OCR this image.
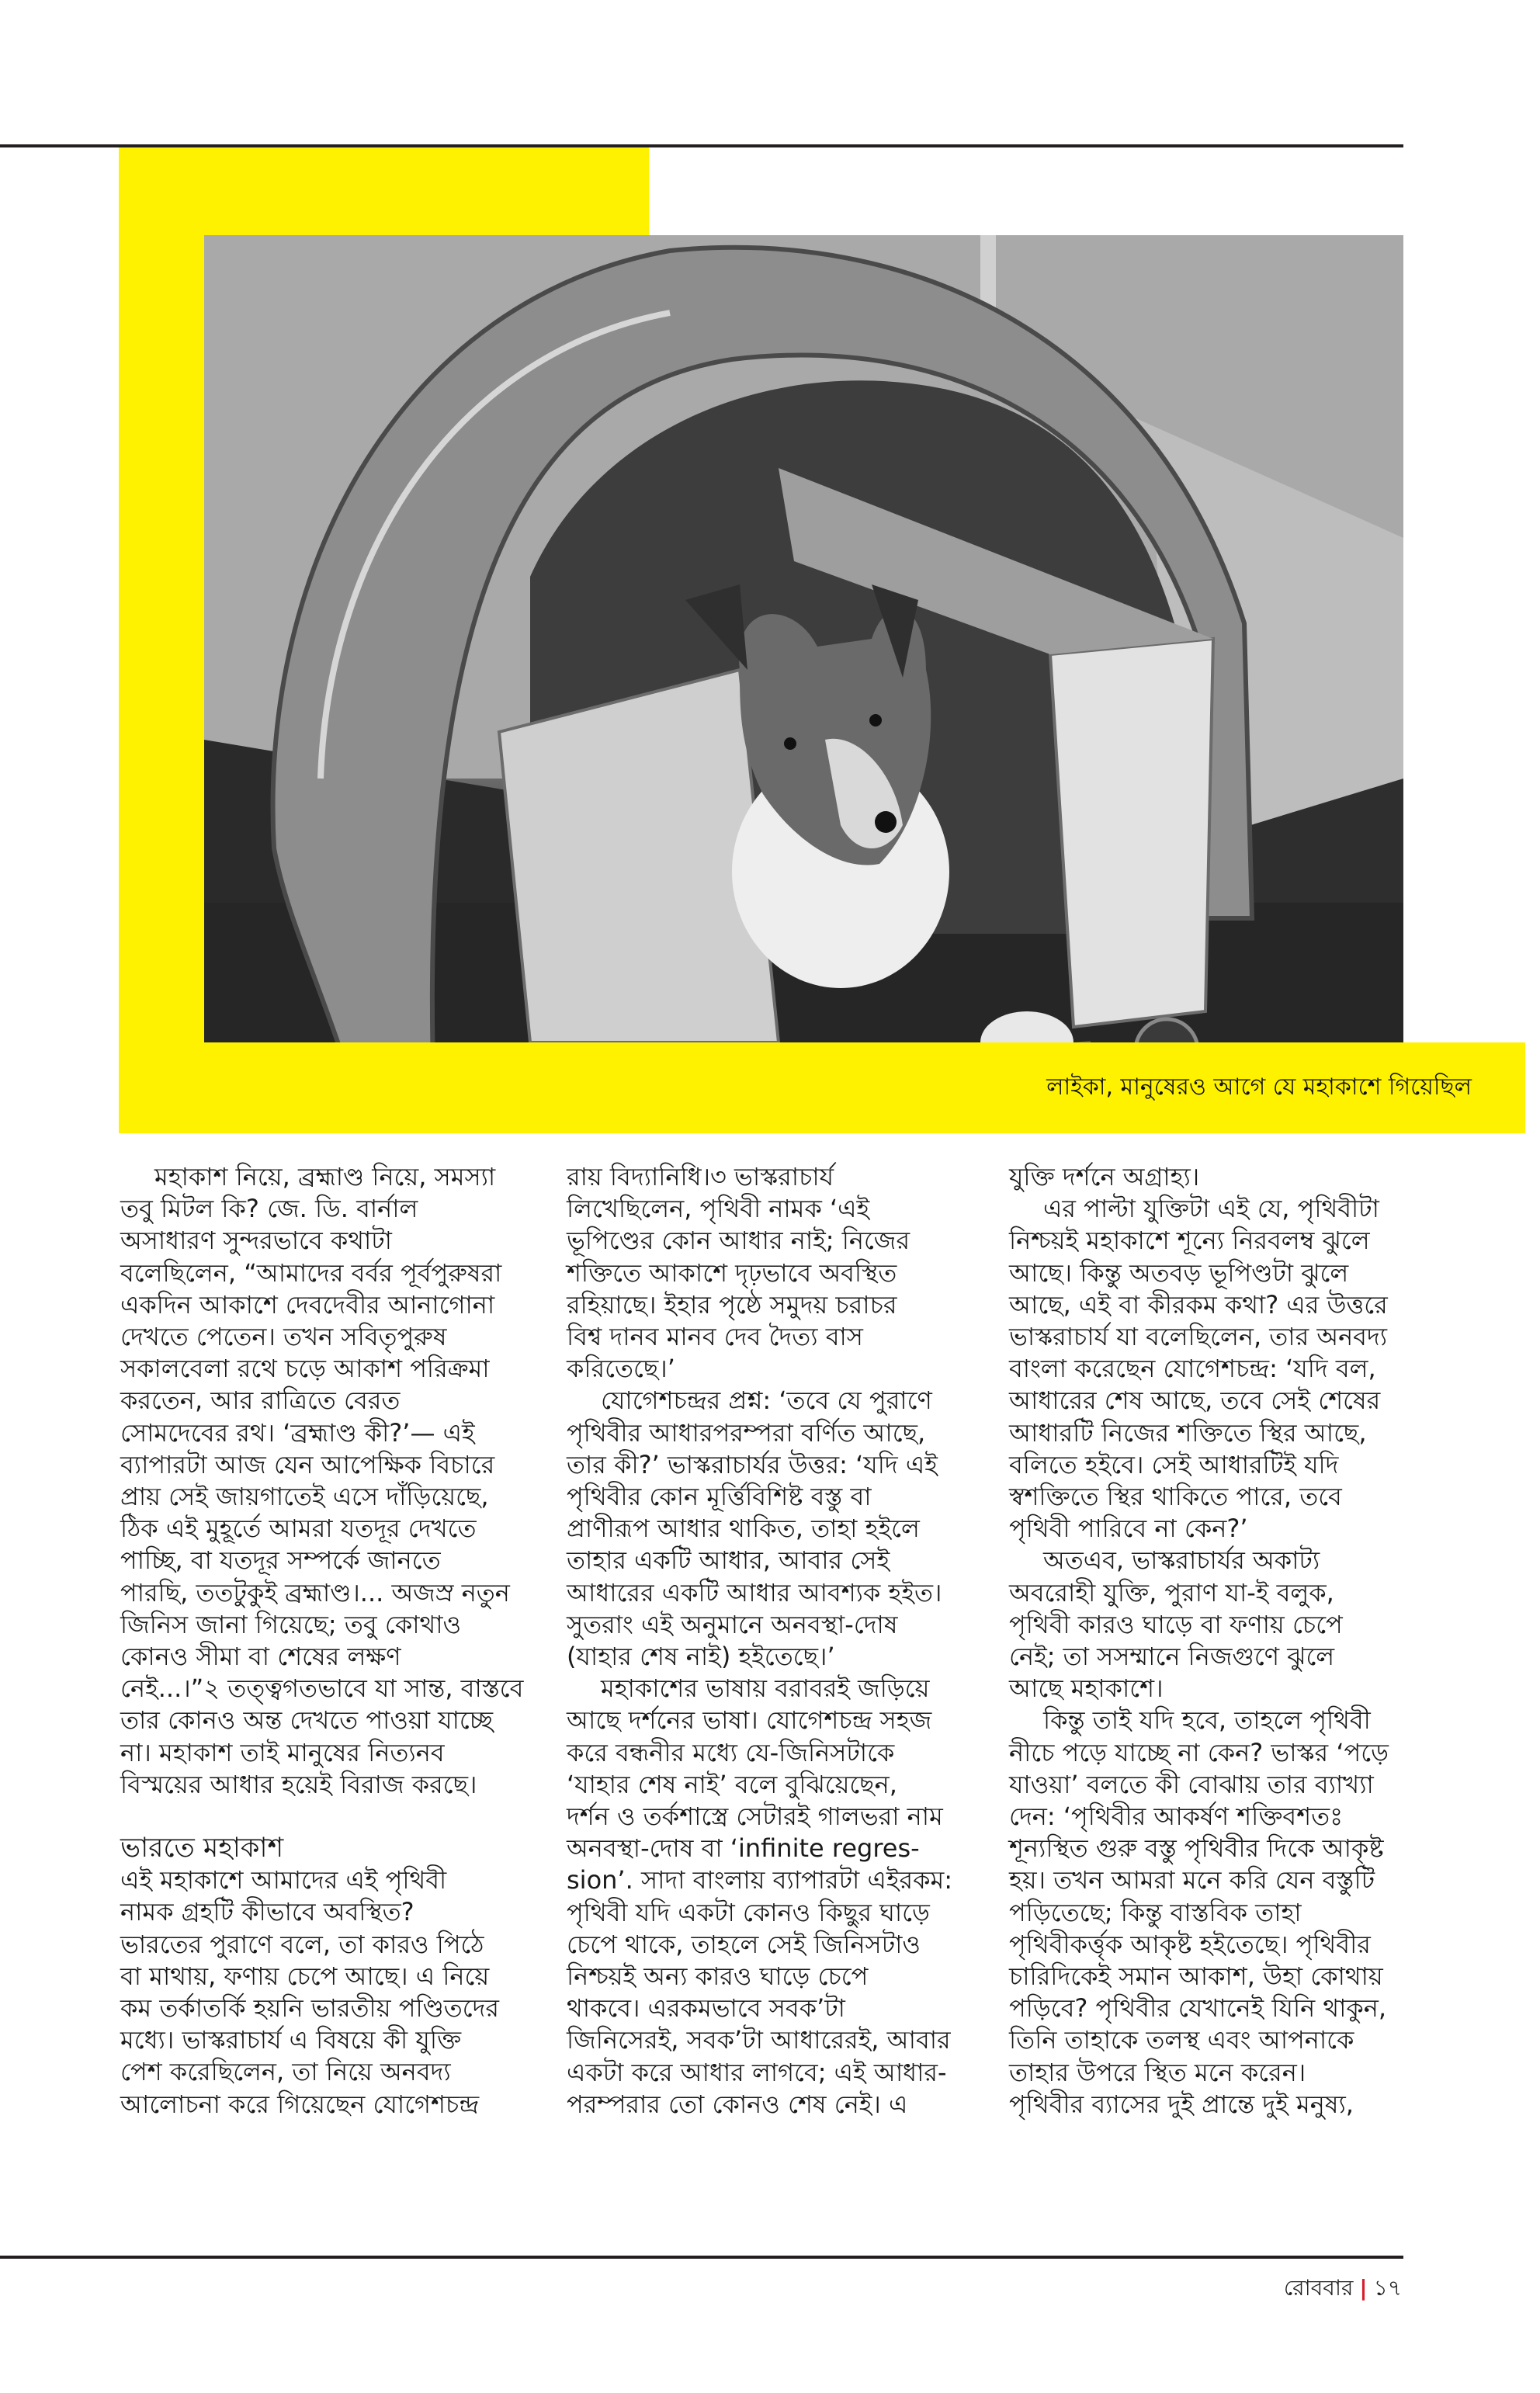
লাইকা, মানুষেরও আগে যে মহাকাশে গিয়েছিল

মহাকাশ নিয়ে, ব্রহ্মাণ্ড নিয়ে, সমস্যা
তবু মিটল কি? জে. ডি. বার্নাল
অসাধারণ সুন্দরভাবে কথাটা
বলেছিলেন, “আমাদের বর্বর পূর্বপুরুষরা
একদিন আকাশে দেবদেবীর আনাগোনা
দেখতে পেতেন। তখন সবিতৃপুরুষ
সকালবেলা রথে চড়ে আকাশ পরিক্রমা
করতেন, আর রাত্রিতে বেরত
সোমদেবের রথ। ‘ব্রহ্মাণ্ড কী?’— এই
ব্যাপারটা আজ যেন আপেক্ষিক বিচারে
প্রায় সেই জায়গাতেই এসে দাঁড়িয়েছে,
ঠিক এই মুহূর্তে আমরা যতদূর দেখতে
পাচ্ছি, বা যতদূর সম্পর্কে জানতে
পারছি, ততটুকুই ব্রহ্মাণ্ড।... অজস্র নতুন
জিনিস জানা গিয়েছে; তবু কোথাও
কোনও সীমা বা শেষের লক্ষণ
নেই...।”২ তত্ত্বগতভাবে যা সান্ত, বাস্তবে
তার কোনও অন্ত দেখতে পাওয়া যাচ্ছে
না। মহাকাশ তাই মানুষের নিত্যনব
বিস্ময়ের আধার হয়েই বিরাজ করছে।

ভারতে মহাকাশ

এই মহাকাশে আমাদের এই পৃথিবী
নামক গ্রহটি কীভাবে অবস্থিত?
ভারতের পুরাণে বলে, তা কারও পিঠে
বা মাথায়, ফণায় চেপে আছে। এ নিয়ে
কম তর্কাতর্কি হয়নি ভারতীয় পণ্ডিতদের
মধ্যে। ভাস্করাচার্য এ বিষয়ে কী যুক্তি
পেশ করেছিলেন, তা নিয়ে অনবদ্য
আলোচনা করে গিয়েছেন যোগেশচন্দ্র

রায় বিদ্যানিধি।৩ ভাস্করাচার্য
লিখেছিলেন, পৃথিবী নামক ‘এই
ভূপিণ্ডের কোন আধার নাই; নিজের
শক্তিতে আকাশে দৃঢ়ভাবে অবস্থিত
রহিয়াছে। ইহার পৃষ্ঠে সমুদয় চরাচর
বিশ্ব দানব মানব দেব দৈত্য বাস
করিতেছে।’

যোগেশচন্দ্রর প্রশ্ন: ‘তবে যে পুরাণে
পৃথিবীর আধারপরম্পরা বর্ণিত আছে,
তার কী?’ ভাস্করাচার্যর উত্তর: ‘যদি এই
পৃথিবীর কোন মূর্ত্তিবিশিষ্ট বস্তু বা
প্রাণীরূপ আধার থাকিত, তাহা হইলে
তাহার একটি আধার, আবার সেই
আধারের একটি আধার আবশ্যক হইত।
সুতরাং এই অনুমানে অনবস্থা-দোষ
(যাহার শেষ নাই) হইতেছে।’

মহাকাশের ভাষায় বরাবরই জড়িয়ে
আছে দর্শনের ভাষা। যোগেশচন্দ্র সহজ
করে বন্ধনীর মধ্যে যে-জিনিসটাকে
‘যাহার শেষ নাই’ বলে বুঝিয়েছেন,
দর্শন ও তর্কশাস্ত্রে সেটারই গালভরা নাম
অনবস্থা-দোষ বা ‘infinite regres-
sion’. সাদা বাংলায় ব্যাপারটা এইরকম:
পৃথিবী যদি একটা কোনও কিছুর ঘাড়ে
চেপে থাকে, তাহলে সেই জিনিসটাও
নিশ্চয়ই অন্য কারও ঘাড়ে চেপে
থাকবে। এরকমভাবে সবক’টা
জিনিসেরই, সবক’টা আধারেরই, আবার
একটা করে আধার লাগবে; এই আধার-
পরম্পরার তো কোনও শেষ নেই। এ

যুক্তি দর্শনে অগ্রাহ্য।

এর পাল্টা যুক্তিটা এই যে, পৃথিবীটা
নিশ্চয়ই মহাকাশে শূন্যে নিরবলম্ব ঝুলে
আছে। কিন্তু অতবড় ভূপিণ্ডটা ঝুলে
আছে, এই বা কীরকম কথা? এর উত্তরে
ভাস্করাচার্য যা বলেছিলেন, তার অনবদ্য
বাংলা করেছেন যোগেশচন্দ্র: ‘যদি বল,
আধারের শেষ আছে, তবে সেই শেষের
আধারটি নিজের শক্তিতে স্থির আছে,
বলিতে হইবে। সেই আধারটিই যদি
স্বশক্তিতে স্থির থাকিতে পারে, তবে
পৃথিবী পারিবে না কেন?’

অতএব, ভাস্করাচার্যর অকাট্য
অবরোহী যুক্তি, পুরাণ যা-ই বলুক,
পৃথিবী কারও ঘাড়ে বা ফণায় চেপে
নেই; তা সসম্মানে নিজগুণে ঝুলে
আছে মহাকাশে।

কিন্তু তাই যদি হবে, তাহলে পৃথিবী
নীচে পড়ে যাচ্ছে না কেন? ভাস্কর ‘পড়ে
যাওয়া’ বলতে কী বোঝায় তার ব্যাখ্যা
দেন: ‘পৃথিবীর আকর্ষণ শক্তিবশতঃ
শূন্যস্থিত গুরু বস্তু পৃথিবীর দিকে আকৃষ্ট
হয়। তখন আমরা মনে করি যেন বস্তুটি
পড়িতেছে; কিন্তু বাস্তবিক তাহা
পৃথিবীকর্ত্তৃক আকৃষ্ট হইতেছে। পৃথিবীর
চারিদিকেই সমান আকাশ, উহা কোথায়
পড়িবে? পৃথিবীর যেখানেই যিনি থাকুন,
তিনি তাহাকে তলস্থ এবং আপনাকে
তাহার উপরে স্থিত মনে করেন।
পৃথিবীর ব্যাসের দুই প্রান্তে দুই মনুষ্য,

রোববার | ১৭
